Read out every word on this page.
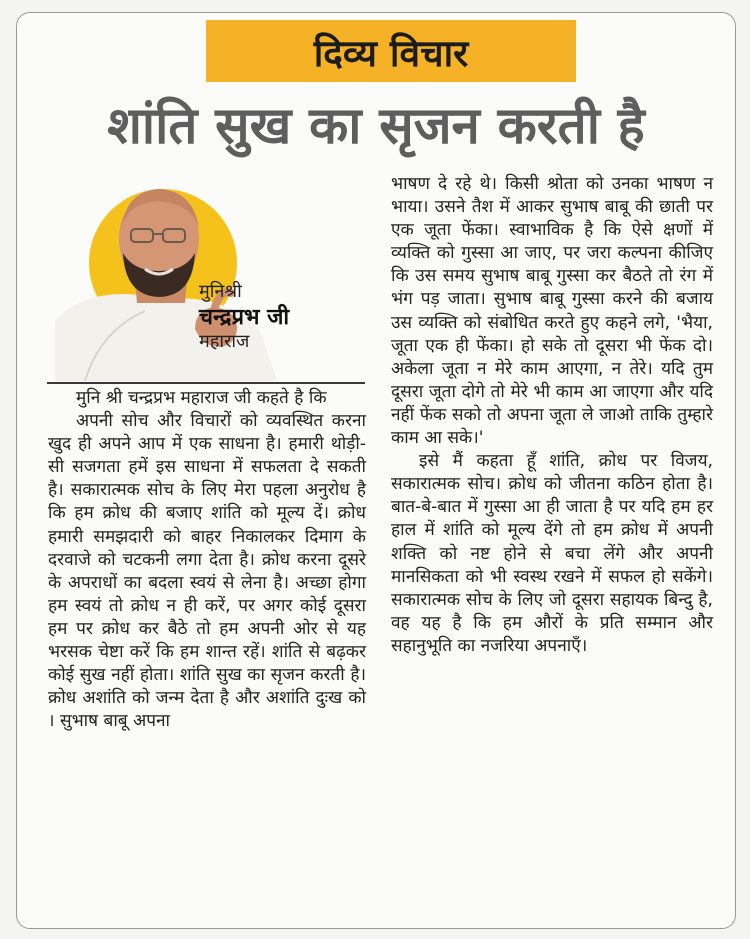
दिव्य विचार
शांति सुख का सृजन करती है
मुनिश्री
चन्द्रप्रभ जी
महाराज

मुनि श्री चन्द्रप्रभ महाराज जी कहते है कि

अपनी सोच और विचारों को व्यवस्थित करना खुद ही अपने आप में एक साधना है। हमारी थोड़ी-सी सजगता हमें इस साधना में सफलता दे सकती है। सकारात्मक सोच के लिए मेरा पहला अनुरोध है कि हम क्रोध की बजाए शांति को मूल्य दें। क्रोध हमारी समझदारी को बाहर निकालकर दिमाग के दरवाजे को चटकनी लगा देता है। क्रोध करना दूसरे के अपराधों का बदला स्वयं से लेना है। अच्छा होगा हम स्वयं तो क्रोध न ही करें, पर अगर कोई दूसरा हम पर क्रोध कर बैठे तो हम अपनी ओर से यह भरसक चेष्टा करें कि हम शान्त रहें। शांति से बढ़कर कोई सुख नहीं होता। शांति सुख का सृजन करती है। क्रोध अशांति को जन्म देता है और अशांति दुःख को । सुभाष बाबू अपना

भाषण दे रहे थे। किसी श्रोता को उनका भाषण न भाया। उसने तैश में आकर सुभाष बाबू की छाती पर एक जूता फेंका। स्वाभाविक है कि ऐसे क्षणों में व्यक्ति को गुस्सा आ जाए, पर जरा कल्पना कीजिए कि उस समय सुभाष बाबू गुस्सा कर बैठते तो रंग में भंग पड़ जाता। सुभाष बाबू गुस्सा करने की बजाय उस व्यक्ति को संबोधित करते हुए कहने लगे, 'भैया, जूता एक ही फेंका। हो सके तो दूसरा भी फेंक दो। अकेला जूता न मेरे काम आएगा, न तेरे। यदि तुम दूसरा जूता दोगे तो मेरे भी काम आ जाएगा और यदि नहीं फेंक सको तो अपना जूता ले जाओ ताकि तुम्हारे काम आ सके।'

इसे मैं कहता हूँ शांति, क्रोध पर विजय, सकारात्मक सोच। क्रोध को जीतना कठिन होता है। बात-बे-बात में गुस्सा आ ही जाता है पर यदि हम हर हाल में शांति को मूल्य देंगे तो हम क्रोध में अपनी शक्ति को नष्ट होने से बचा लेंगे और अपनी मानसिकता को भी स्वस्थ रखने में सफल हो सकेंगे। सकारात्मक सोच के लिए जो दूसरा सहायक बिन्दु है, वह यह है कि हम औरों के प्रति सम्मान और सहानुभूति का नजरिया अपनाएँ।
